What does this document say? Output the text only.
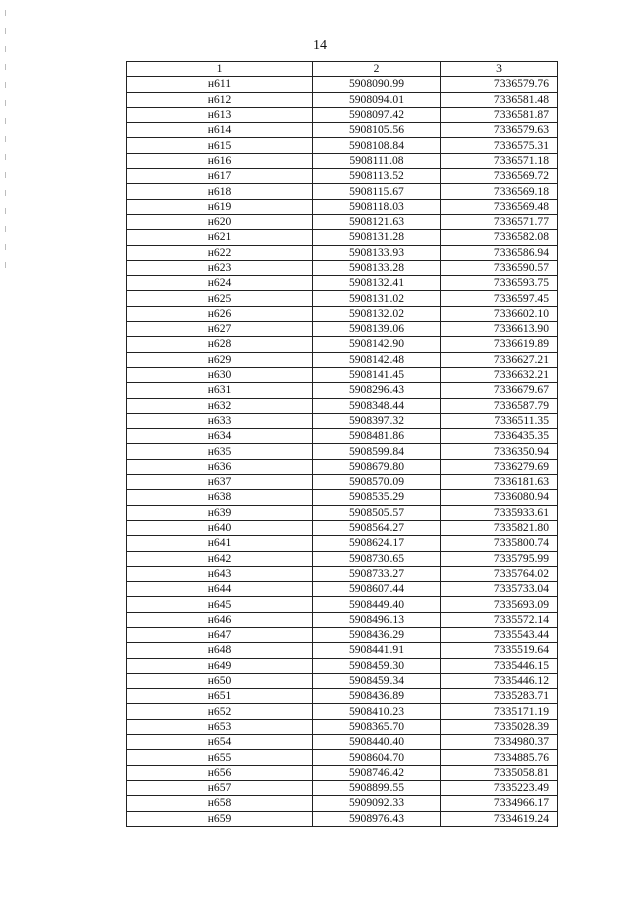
14
1	2	3
н611	5908090.99	7336579.76
н612	5908094.01	7336581.48
н613	5908097.42	7336581.87
н614	5908105.56	7336579.63
н615	5908108.84	7336575.31
н616	5908111.08	7336571.18
н617	5908113.52	7336569.72
н618	5908115.67	7336569.18
н619	5908118.03	7336569.48
н620	5908121.63	7336571.77
н621	5908131.28	7336582.08
н622	5908133.93	7336586.94
н623	5908133.28	7336590.57
н624	5908132.41	7336593.75
н625	5908131.02	7336597.45
н626	5908132.02	7336602.10
н627	5908139.06	7336613.90
н628	5908142.90	7336619.89
н629	5908142.48	7336627.21
н630	5908141.45	7336632.21
н631	5908296.43	7336679.67
н632	5908348.44	7336587.79
н633	5908397.32	7336511.35
н634	5908481.86	7336435.35
н635	5908599.84	7336350.94
н636	5908679.80	7336279.69
н637	5908570.09	7336181.63
н638	5908535.29	7336080.94
н639	5908505.57	7335933.61
н640	5908564.27	7335821.80
н641	5908624.17	7335800.74
н642	5908730.65	7335795.99
н643	5908733.27	7335764.02
н644	5908607.44	7335733.04
н645	5908449.40	7335693.09
н646	5908496.13	7335572.14
н647	5908436.29	7335543.44
н648	5908441.91	7335519.64
н649	5908459.30	7335446.15
н650	5908459.34	7335446.12
н651	5908436.89	7335283.71
н652	5908410.23	7335171.19
н653	5908365.70	7335028.39
н654	5908440.40	7334980.37
н655	5908604.70	7334885.76
н656	5908746.42	7335058.81
н657	5908899.55	7335223.49
н658	5909092.33	7334966.17
н659	5908976.43	7334619.24
